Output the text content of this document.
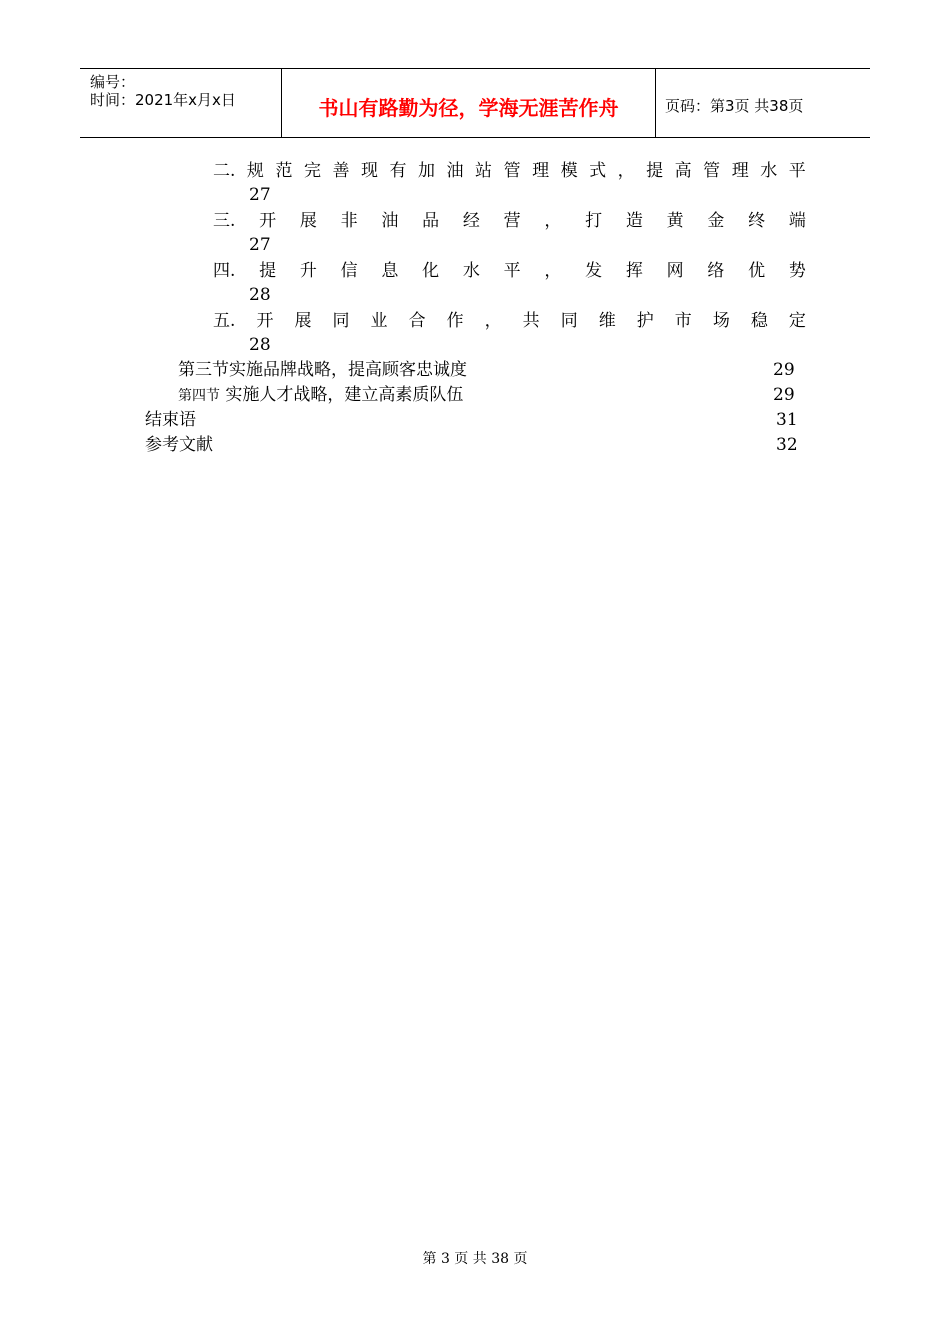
编号：
时间：2021年x月x日	书山有路勤为径，学海无涯苦作舟	页码：第3页 共38页
二. 规 范 完 善 现 有 加 油 站 管 理 模 式 ， 提 高 管 理 水 平
27
三. 开 展 非 油 品 经 营 ， 打 造 黄 金 终 端
27
四. 提 升 信 息 化 水 平 ， 发 挥 网 络 优 势
28
五. 开 展 同 业 合 作 ， 共 同 维 护 市 场 稳 定
28
第三节实施品牌战略，提高顾客忠诚度	29
第四节 实施人才战略，建立高素质队伍	29
结束语	31
参考文献	32
第 3 页 共 38 页
